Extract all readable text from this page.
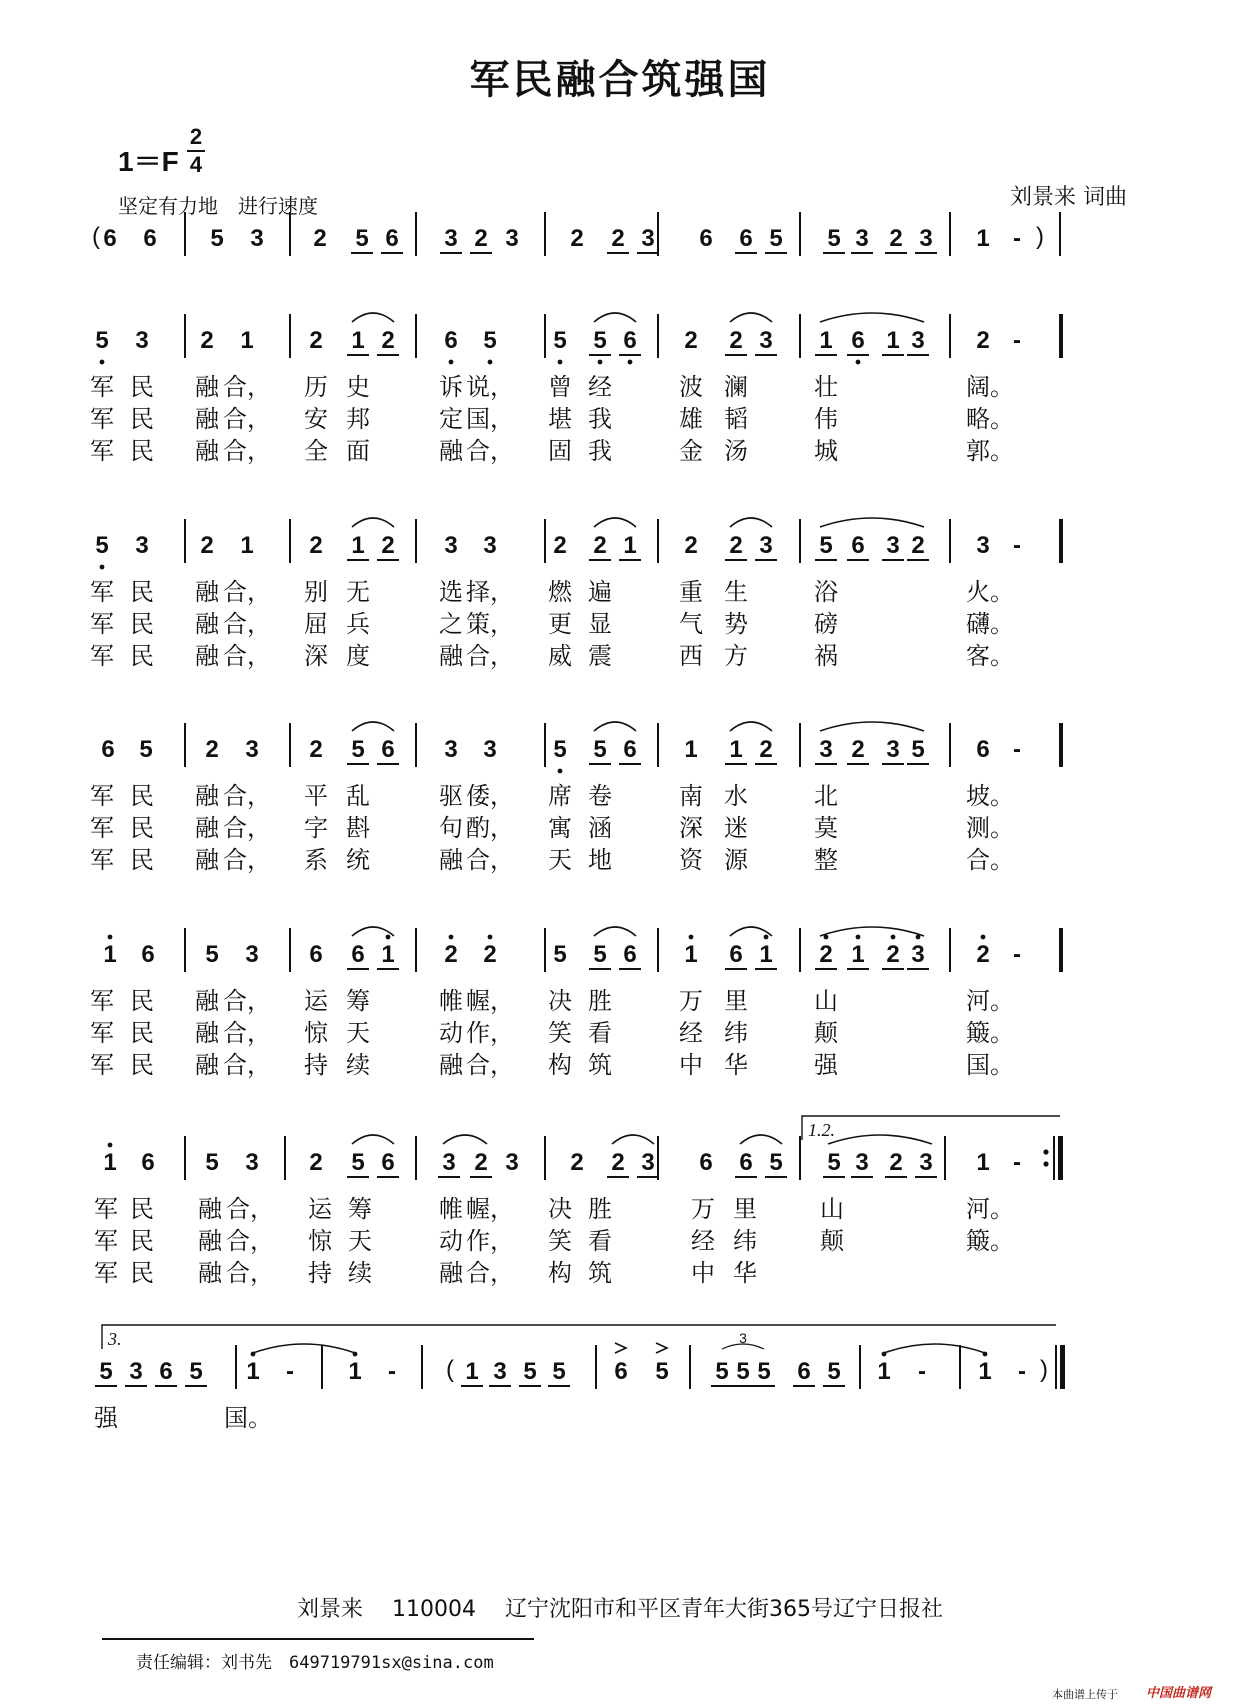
军民融合筑强国
1＝F
2
4
坚定有力地　进行速度	刘景来 词曲
(	)
6 6 5 3 2 5 6 3 2 3 2 2 3 6 6 5 5 3 2 3 1 -
5 3 2 1 2 1 2 6 5 5 5 6 2 2 3 1 6 1 3 2 -
军 民 融 合， 历 史	诉 说， 曾 经	波 澜	壮	阔。
军 民 融 合， 安 邦	定 国， 堪 我	雄 韬	伟	略。
军 民 融 合， 全 面	融 合， 固 我	金 汤	城	郭。
5 3 2 1 2 1 2 3 3 2 2 1 2 2 3 5 6 3 2 3 -
军 民 融 合， 别 无	选 择， 燃 遍	重 生	浴	火。
军 民 融 合， 屈 兵	之 策， 更 显	气 势	磅	礴。
军 民 融 合， 深 度	融 合， 威 震	西 方	祸	客。
6 5 2 3 2 5 6 3 3 5 5 6 1 1 2 3 2 3 5 6 -
军 民 融 合， 平 乱	驱 倭， 席 卷	南 水	北	坡。
军 民 融 合， 字 斟	句 酌， 寓 涵	深 迷	莫	测。
军 民 融 合， 系 统	融 合， 天 地	资 源	整	合。
1 6 5 3 6 6 1 2 2 5 5 6 1 6 1 2 1 2 3 2 -
军 民 融 合， 运 筹	帷 幄， 决 胜	万 里	山	河。
军 民 融 合， 惊 天	动 作， 笑 看	经 纬	颠	簸。
军 民 融 合， 持 续	融 合， 构 筑	中 华	强	国。
1 6 5 3 2 5 6 3 2 3 2 2 3 6 6 5 5 3 2 3 1 -
军 民 融 合， 运 筹	帷 幄， 决 胜	万 里	山	河。
军 民 融 合， 惊 天	动 作， 笑 看	经 纬	颠	簸。
军 民 融 合， 持 续	融 合， 构 筑	中 华
(	)
5 3 6 5 1 - 1 -	1 3 5 5 6 5 5 5 5 6 5 1 - 1 -
强	国。
3
1.2.
3.
刘景来　 110004 　辽宁沈阳市和平区青年大街365号辽宁日报社
责任编辑：刘书先　649719791sx@sina.com
本曲谱上传于 中国曲谱网
